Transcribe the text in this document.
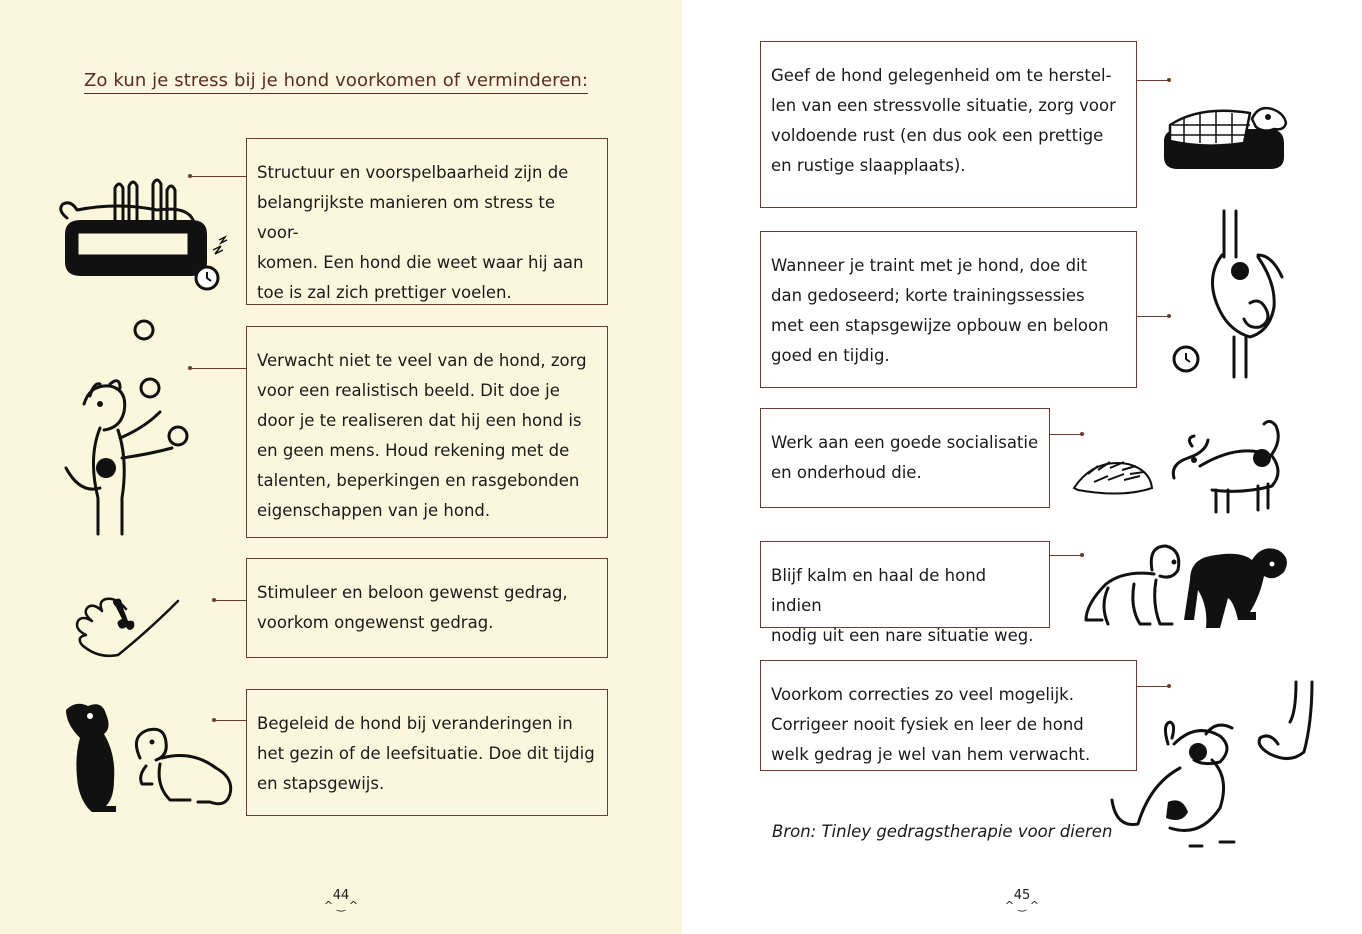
Zo kun je stress bij je hond voorkomen of verminderen:

Structuur en voorspelbaarheid zijn de
belangrijkste manieren om stress te voor-
komen. Een hond die weet waar hij aan
toe is zal zich prettiger voelen.

Verwacht niet te veel van de hond, zorg
voor een realistisch beeld. Dit doe je
door je te realiseren dat hij een hond is
en geen mens. Houd rekening met de
talenten, beperkingen en rasgebonden
eigenschappen van je hond.

Stimuleer en beloon gewenst gedrag,
voorkom ongewenst gedrag.

Begeleid de hond bij veranderingen in
het gezin of de leefsituatie. Doe dit tijdig
en stapsgewijs.

44
^ ‿ ^

Geef de hond gelegenheid om te herstel-
len van een stressvolle situatie, zorg voor
voldoende rust (en dus ook een prettige
en rustige slaapplaats).

Wanneer je traint met je hond, doe dit
dan gedoseerd; korte trainingssessies
met een stapsgewijze opbouw en beloon
goed en tijdig.

Werk aan een goede socialisatie
en onderhoud die.

Blijf kalm en haal de hond indien
nodig uit een nare situatie weg.

Voorkom correcties zo veel mogelijk.
Corrigeer nooit fysiek en leer de hond
welk gedrag je wel van hem verwacht.

Bron: Tinley gedragstherapie voor dieren
45
^ ‿ ^
